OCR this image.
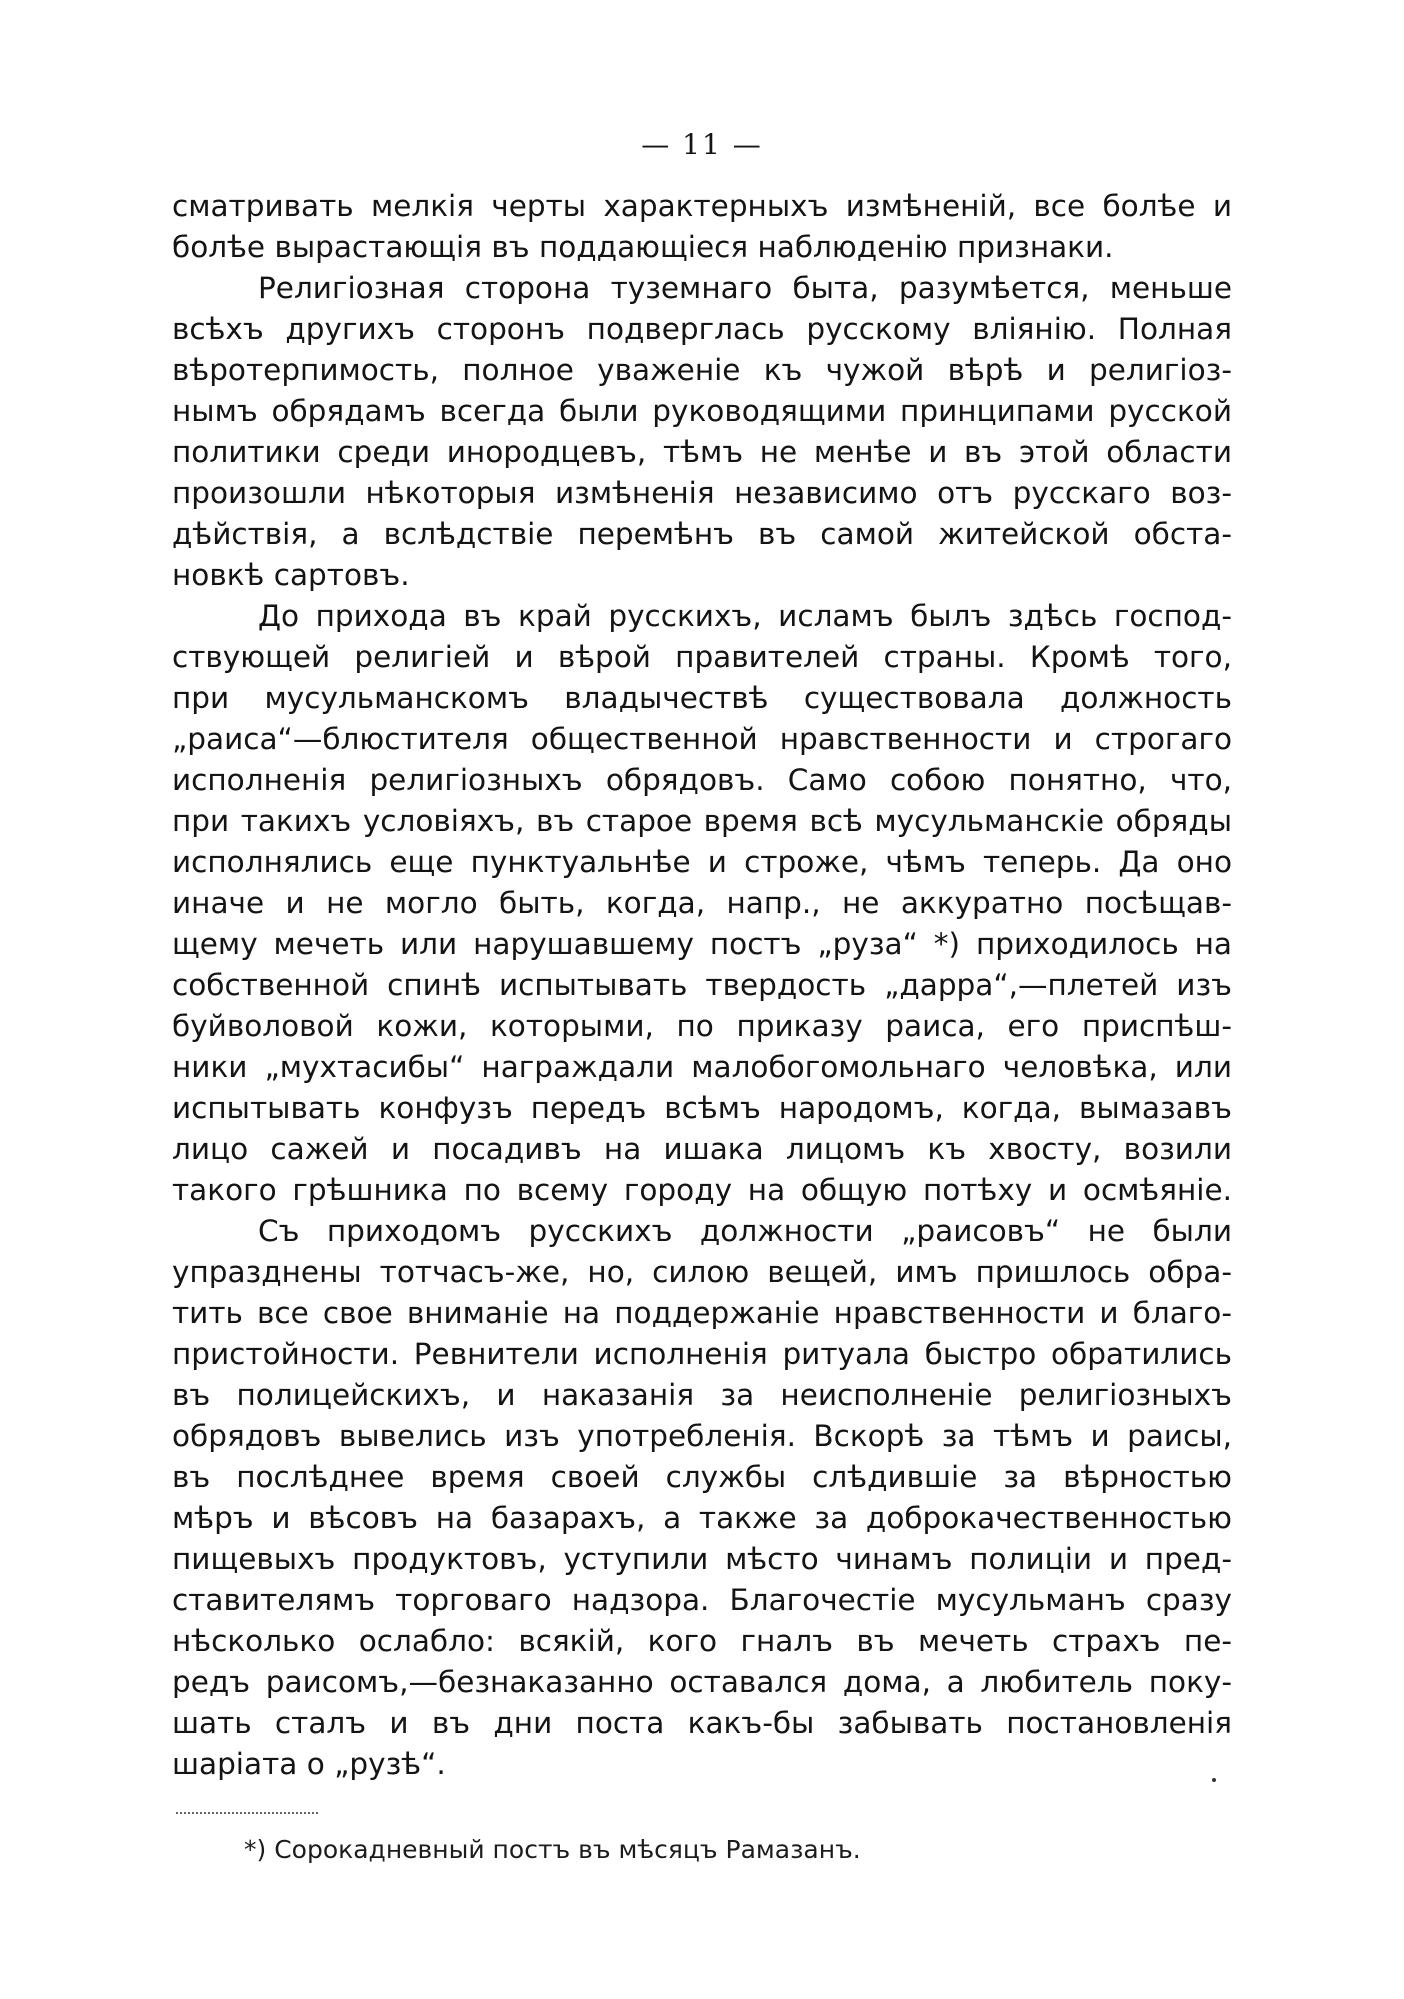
— 11 —
сматривать мелкія черты характерныхъ измѣненій, все болѣе и
болѣе вырастающія въ поддающіеся наблюденію признаки.
Религіозная сторона туземнаго быта, разумѣется, меньше
всѣхъ другихъ сторонъ подверглась русскому вліянію. Полная
вѣротерпимость, полное уваженіе къ чужой вѣрѣ и религіоз-
нымъ обрядамъ всегда были руководящими принципами русской
политики среди инородцевъ, тѣмъ не менѣе и въ этой области
произошли нѣкоторыя измѣненія независимо отъ русскаго воз-
дѣйствія, а вслѣдствіе перемѣнъ въ самой житейской обста-
новкѣ сартовъ.
До прихода въ край русскихъ, исламъ былъ здѣсь господ-
ствующей религіей и вѣрой правителей страны. Кромѣ того,
при мусульманскомъ владычествѣ существовала должность
„раиса“—блюстителя общественной нравственности и строгаго
исполненія религіозныхъ обрядовъ. Само собою понятно, что,
при такихъ условіяхъ, въ старое время всѣ мусульманскіе обряды
исполнялись еще пунктуальнѣе и строже, чѣмъ теперь. Да оно
иначе и не могло быть, когда, напр., не аккуратно посѣщав-
щему мечеть или нарушавшему постъ „руза“ *) приходилось на
собственной спинѣ испытывать твердость „дарра“,—плетей изъ
буйволовой кожи, которыми, по приказу раиса, его приспѣш-
ники „мухтасибы“ награждали малобогомольнаго человѣка, или
испытывать конфузъ передъ всѣмъ народомъ, когда, вымазавъ
лицо сажей и посадивъ на ишака лицомъ къ хвосту, возили
такого грѣшника по всему городу на общую потѣху и осмѣяніе.
Съ приходомъ русскихъ должности „раисовъ“ не были
упразднены тотчасъ-же, но, силою вещей, имъ пришлось обра-
тить все свое вниманіе на поддержаніе нравственности и благо-
пристойности. Ревнители исполненія ритуала быстро обратились
въ полицейскихъ, и наказанія за неисполненіе религіозныхъ
обрядовъ вывелись изъ употребленія. Вскорѣ за тѣмъ и раисы,
въ послѣднее время своей службы слѣдившіе за вѣрностью
мѣръ и вѣсовъ на базарахъ, а также за доброкачественностью
пищевыхъ продуктовъ, уступили мѣсто чинамъ полиціи и пред-
ставителямъ торговаго надзора. Благочестіе мусульманъ сразу
нѣсколько ослабло: всякій, кого гналъ въ мечеть страхъ пе-
редъ раисомъ,—безнаказанно оставался дома, а любитель поку-
шать сталъ и въ дни поста какъ-бы забывать постановленія
шаріата о „рузѣ“.
*) Сорокадневный постъ въ мѣсяцъ Рамазанъ.
